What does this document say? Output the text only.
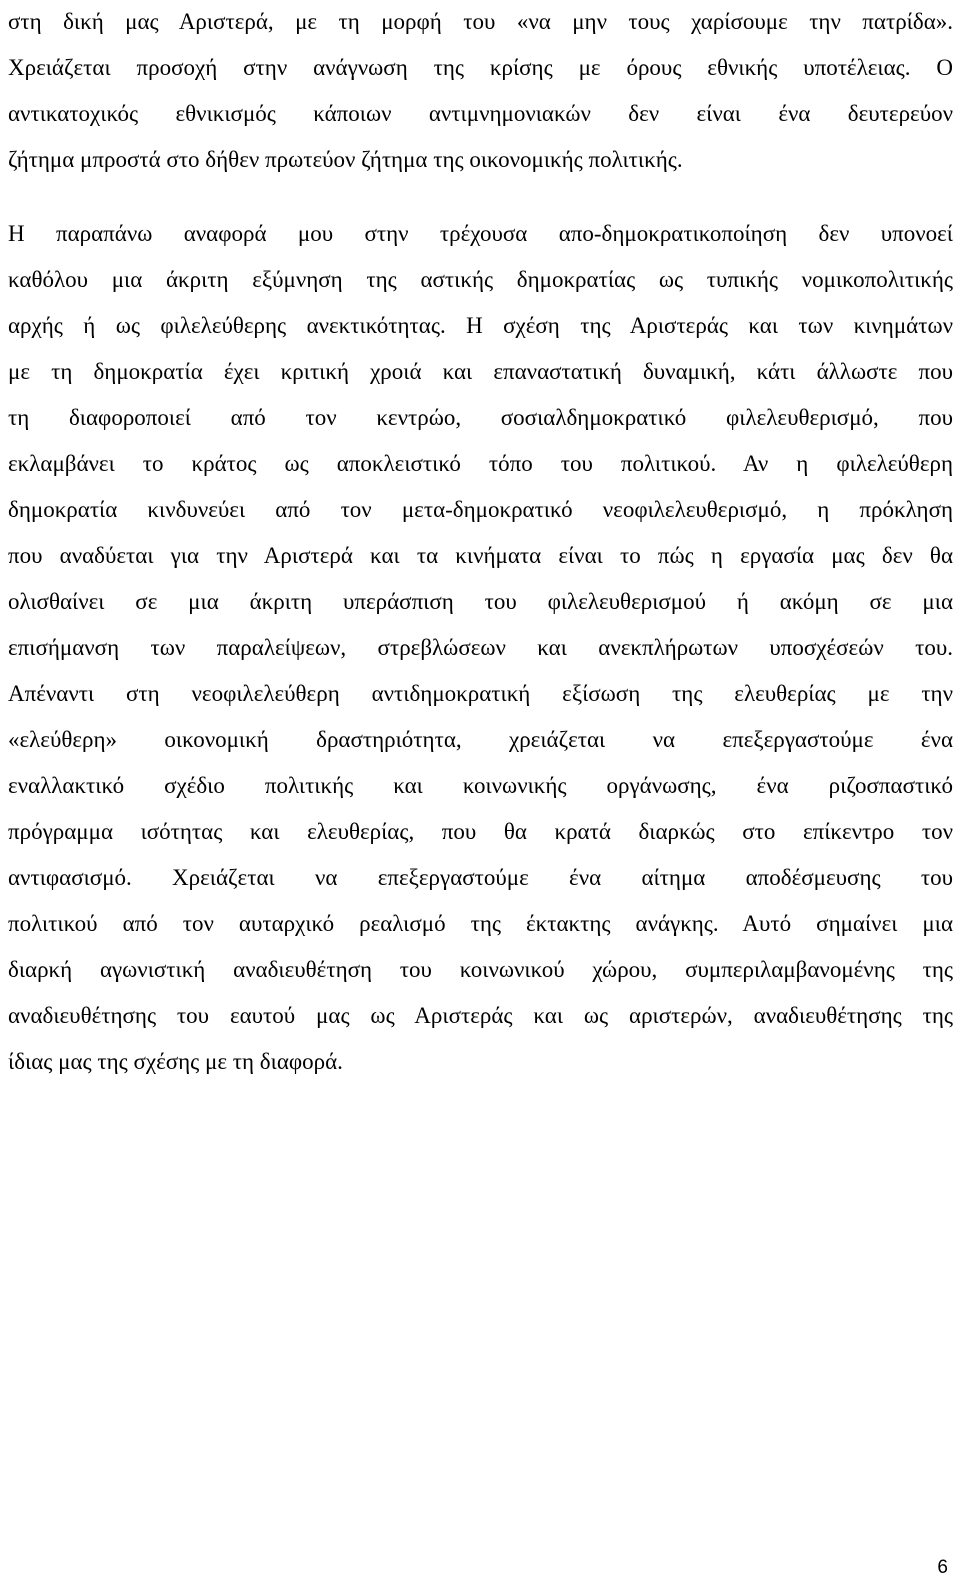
στη δική μας Αριστερά, με τη μορφή του «να μην τους χαρίσουμε την πατρίδα».
Χρειάζεται προσοχή στην ανάγνωση της κρίσης με όρους εθνικής υποτέλειας. Ο
αντικατοχικός εθνικισμός κάποιων αντιμνημονιακών δεν είναι ένα δευτερεύον
ζήτημα μπροστά στο δήθεν πρωτεύον ζήτημα της οικονομικής πολιτικής.
Η παραπάνω αναφορά μου στην τρέχουσα απο-δημοκρατικοποίηση δεν υπονοεί
καθόλου μια άκριτη εξύμνηση της αστικής δημοκρατίας ως τυπικής νομικοπολιτικής
αρχής ή ως φιλελεύθερης ανεκτικότητας. Η σχέση της Αριστεράς και των κινημάτων
με τη δημοκρατία έχει κριτική χροιά και επαναστατική δυναμική, κάτι άλλωστε που
τη διαφοροποιεί από τον κεντρώο, σοσιαλδημοκρατικό φιλελευθερισμό, που
εκλαμβάνει το κράτος ως αποκλειστικό τόπο του πολιτικού. Αν η φιλελεύθερη
δημοκρατία κινδυνεύει από τον μετα-δημοκρατικό νεοφιλελευθερισμό, η πρόκληση
που αναδύεται για την Αριστερά και τα κινήματα είναι το πώς η εργασία μας δεν θα
ολισθαίνει σε μια άκριτη υπεράσπιση του φιλελευθερισμού ή ακόμη σε μια
επισήμανση των παραλείψεων, στρεβλώσεων και ανεκπλήρωτων υποσχέσεών του.
Απέναντι στη νεοφιλελεύθερη αντιδημοκρατική εξίσωση της ελευθερίας με την
«ελεύθερη» οικονομική δραστηριότητα, χρειάζεται να επεξεργαστούμε ένα
εναλλακτικό σχέδιο πολιτικής και κοινωνικής οργάνωσης, ένα ριζοσπαστικό
πρόγραμμα ισότητας και ελευθερίας, που θα κρατά διαρκώς στο επίκεντρο τον
αντιφασισμό. Χρειάζεται να επεξεργαστούμε ένα αίτημα αποδέσμευσης του
πολιτικού από τον αυταρχικό ρεαλισμό της έκτακτης ανάγκης. Αυτό σημαίνει μια
διαρκή αγωνιστική αναδιευθέτηση του κοινωνικού χώρου, συμπεριλαμβανομένης της
αναδιευθέτησης του εαυτού μας ως Αριστεράς και ως αριστερών, αναδιευθέτησης της
ίδιας μας της σχέσης με τη διαφορά.
6
